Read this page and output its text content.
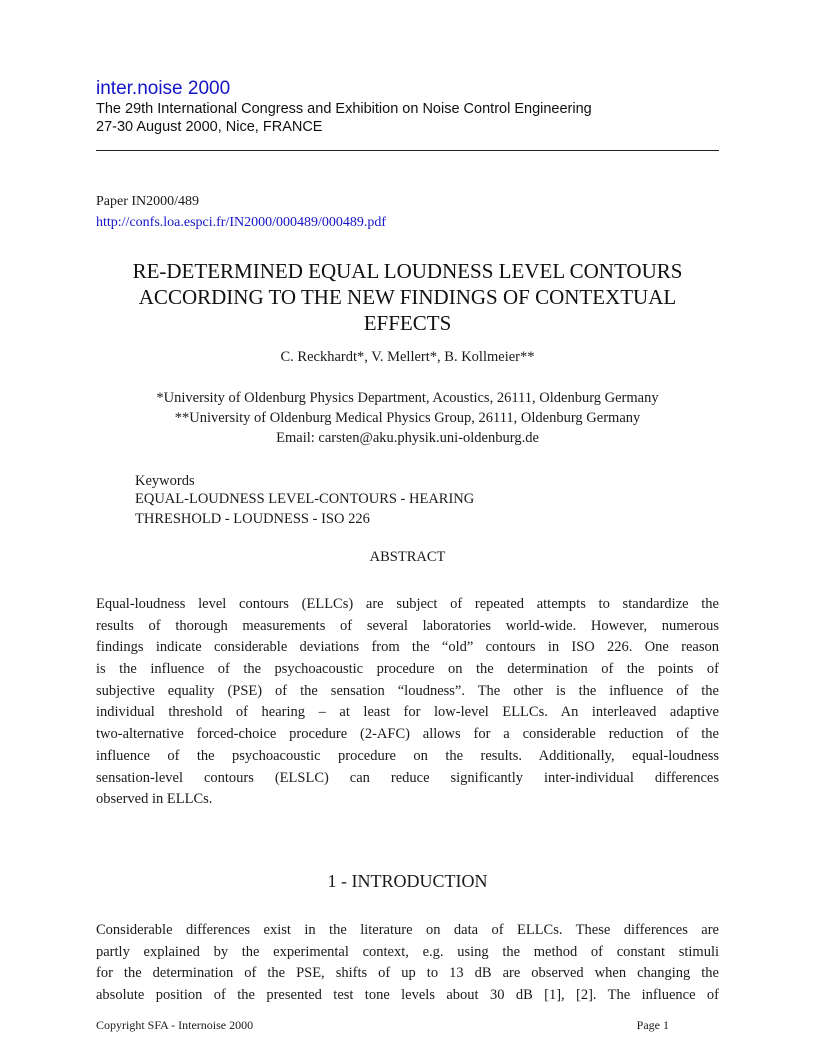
inter.noise 2000
The 29th International Congress and Exhibition on Noise Control Engineering
27-30 August 2000, Nice, FRANCE
Paper IN2000/489
http://confs.loa.espci.fr/IN2000/000489/000489.pdf
RE-DETERMINED EQUAL LOUDNESS LEVEL CONTOURS
ACCORDING TO THE NEW FINDINGS OF CONTEXTUAL
EFFECTS
C. Reckhardt*, V. Mellert*, B. Kollmeier**
*University of Oldenburg Physics Department, Acoustics, 26111, Oldenburg Germany
**University of Oldenburg Medical Physics Group, 26111, Oldenburg Germany
Email: carsten@aku.physik.uni-oldenburg.de
Keywords
EQUAL-LOUDNESS LEVEL-CONTOURS - HEARING
THRESHOLD - LOUDNESS - ISO 226
ABSTRACT
Equal-loudness level contours (ELLCs) are subject of repeated attempts to standardize the
results of thorough measurements of several laboratories world-wide. However, numerous
findings indicate considerable deviations from the “old” contours in ISO 226. One reason
is the influence of the psychoacoustic procedure on the determination of the points of
subjective equality (PSE) of the sensation “loudness”. The other is the influence of the
individual threshold of hearing – at least for low-level ELLCs. An interleaved adaptive
two-alternative forced-choice procedure (2-AFC) allows for a considerable reduction of the
influence of the psychoacoustic procedure on the results. Additionally, equal-loudness
sensation-level contours (ELSLC) can reduce significantly inter-individual differences
observed in ELLCs.
1 - INTRODUCTION
Considerable differences exist in the literature on data of ELLCs. These differences are
partly explained by the experimental context, e.g. using the method of constant stimuli
for the determination of the PSE, shifts of up to 13 dB are observed when changing the
absolute position of the presented test tone levels about 30 dB [1], [2]. The influence of
Copyright SFA - Internoise 2000	Page 1
